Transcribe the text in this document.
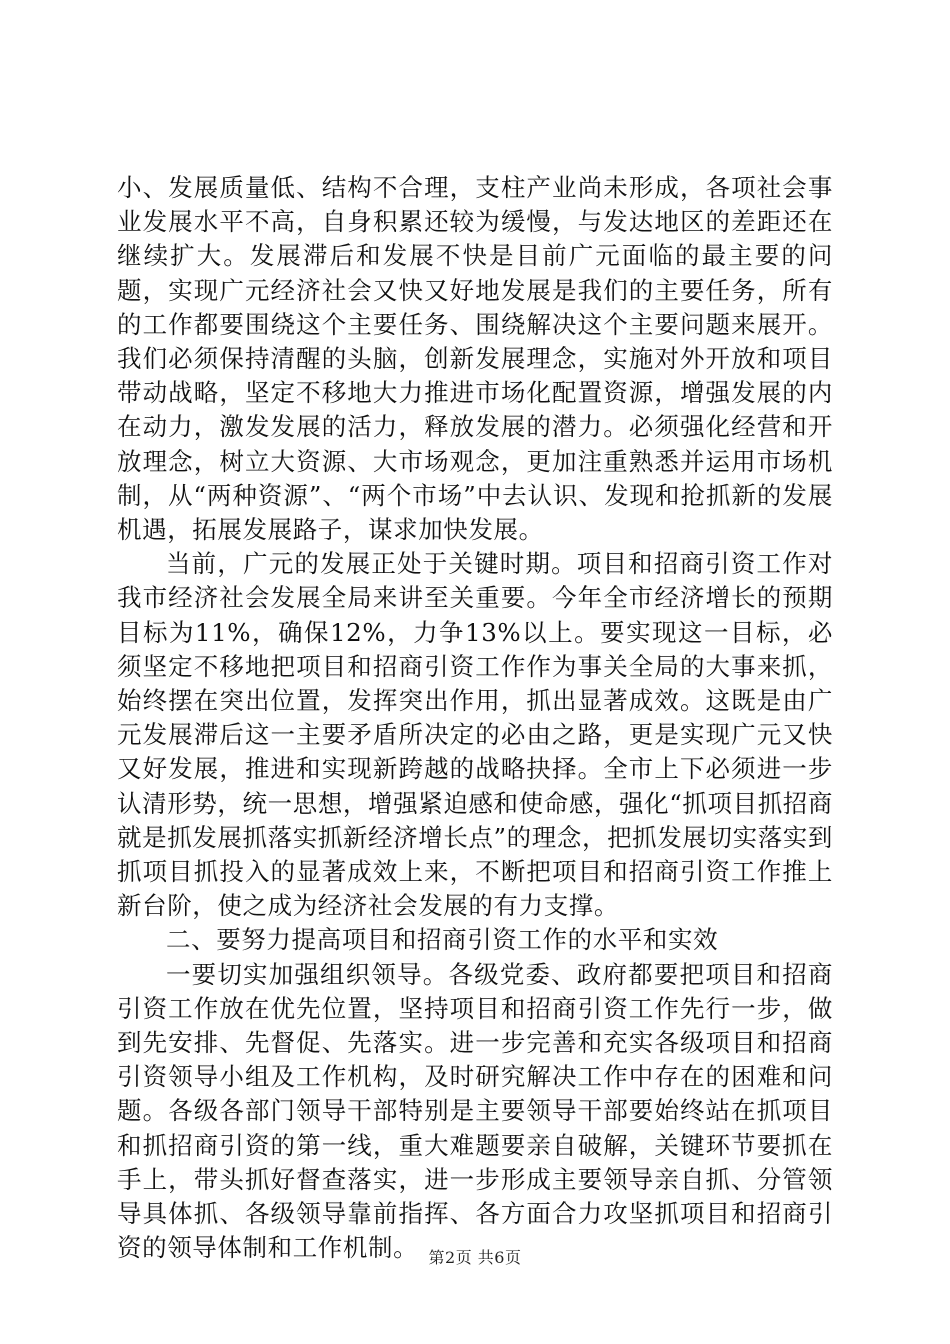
小、发展质量低、结构不合理，支柱产业尚未形成，各项社会事业发展水平不高，自身积累还较为缓慢，与发达地区的差距还在继续扩大。发展滞后和发展不快是目前广元面临的最主要的问题，实现广元经济社会又快又好地发展是我们的主要任务，所有的工作都要围绕这个主要任务、围绕解决这个主要问题来展开。我们必须保持清醒的头脑，创新发展理念，实施对外开放和项目带动战略，坚定不移地大力推进市场化配置资源，增强发展的内在动力，激发发展的活力，释放发展的潜力。必须强化经营和开放理念，树立大资源、大市场观念，更加注重熟悉并运用市场机制，从“两种资源”、“两个市场”中去认识、发现和抢抓新的发展机遇，拓展发展路子，谋求加快发展。

当前，广元的发展正处于关键时期。项目和招商引资工作对我市经济社会发展全局来讲至关重要。今年全市经济增长的预期目标为11%，确保12%，力争13%以上。要实现这一目标，必须坚定不移地把项目和招商引资工作作为事关全局的大事来抓，始终摆在突出位置，发挥突出作用，抓出显著成效。这既是由广元发展滞后这一主要矛盾所决定的必由之路，更是实现广元又快又好发展，推进和实现新跨越的战略抉择。全市上下必须进一步认清形势，统一思想，增强紧迫感和使命感，强化“抓项目抓招商就是抓发展抓落实抓新经济增长点”的理念，把抓发展切实落实到抓项目抓投入的显著成效上来，不断把项目和招商引资工作推上新台阶，使之成为经济社会发展的有力支撑。

二、要努力提高项目和招商引资工作的水平和实效

一要切实加强组织领导。各级党委、政府都要把项目和招商引资工作放在优先位置，坚持项目和招商引资工作先行一步，做到先安排、先督促、先落实。进一步完善和充实各级项目和招商引资领导小组及工作机构，及时研究解决工作中存在的困难和问题。各级各部门领导干部特别是主要领导干部要始终站在抓项目和抓招商引资的第一线，重大难题要亲自破解，关键环节要抓在手上，带头抓好督查落实，进一步形成主要领导亲自抓、分管领导具体抓、各级领导靠前指挥、各方面合力攻坚抓项目和招商引资的领导体制和工作机制。 第2页 共6页
